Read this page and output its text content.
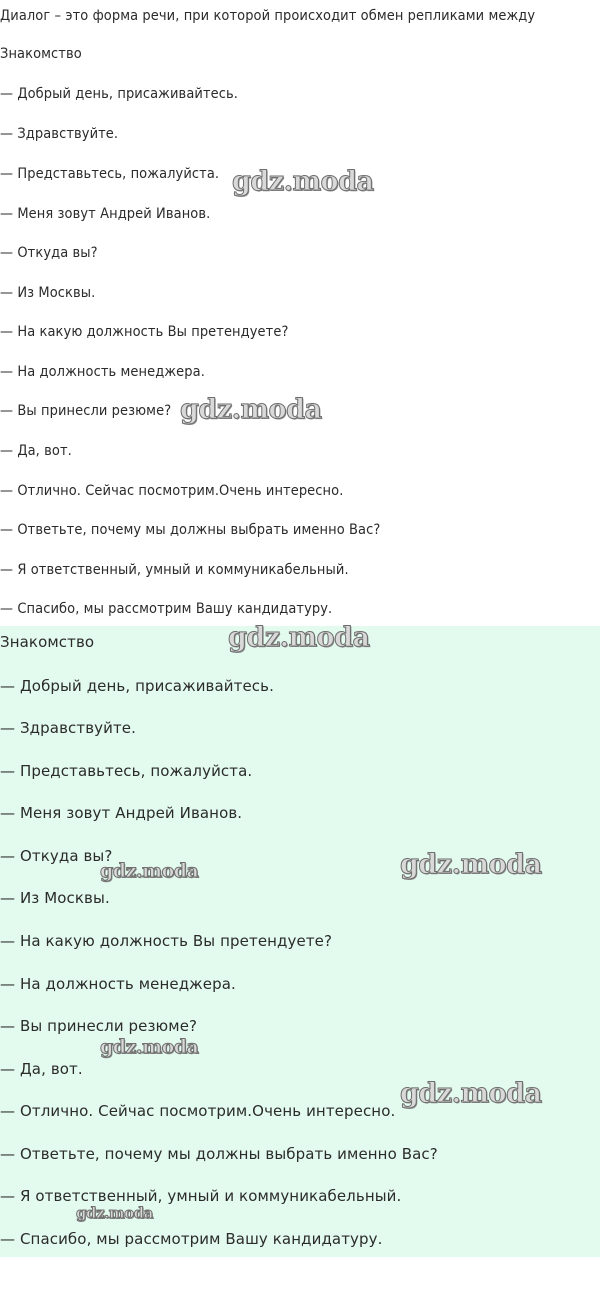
Диалог – это форма речи, при которой происходит обмен репликами между
Знакомство
— Добрый день, присаживайтесь.
— Здравствуйте.
— Представьтесь, пожалуйста.
— Меня зовут Андрей Иванов.
— Откуда вы?
— Из Москвы.
— На какую должность Вы претендуете?
— На должность менеджера.
— Вы принесли резюме?
— Да, вот.
— Отлично. Сейчас посмотрим.Очень интересно.
— Ответьте, почему мы должны выбрать именно Вас?
— Я ответственный, умный и коммуникабельный.
— Спасибо, мы рассмотрим Вашу кандидатуру.
Знакомство
— Добрый день, присаживайтесь.
— Здравствуйте.
— Представьтесь, пожалуйста.
— Меня зовут Андрей Иванов.
— Откуда вы?
— Из Москвы.
— На какую должность Вы претендуете?
— На должность менеджера.
— Вы принесли резюме?
— Да, вот.
— Отлично. Сейчас посмотрим.Очень интересно.
— Ответьте, почему мы должны выбрать именно Вас?
— Я ответственный, умный и коммуникабельный.
— Спасибо, мы рассмотрим Вашу кандидатуру.
gdz.moda
gdz.moda
gdz.moda
gdz.moda
gdz.moda
gdz.moda
gdz.moda
gdz.moda
